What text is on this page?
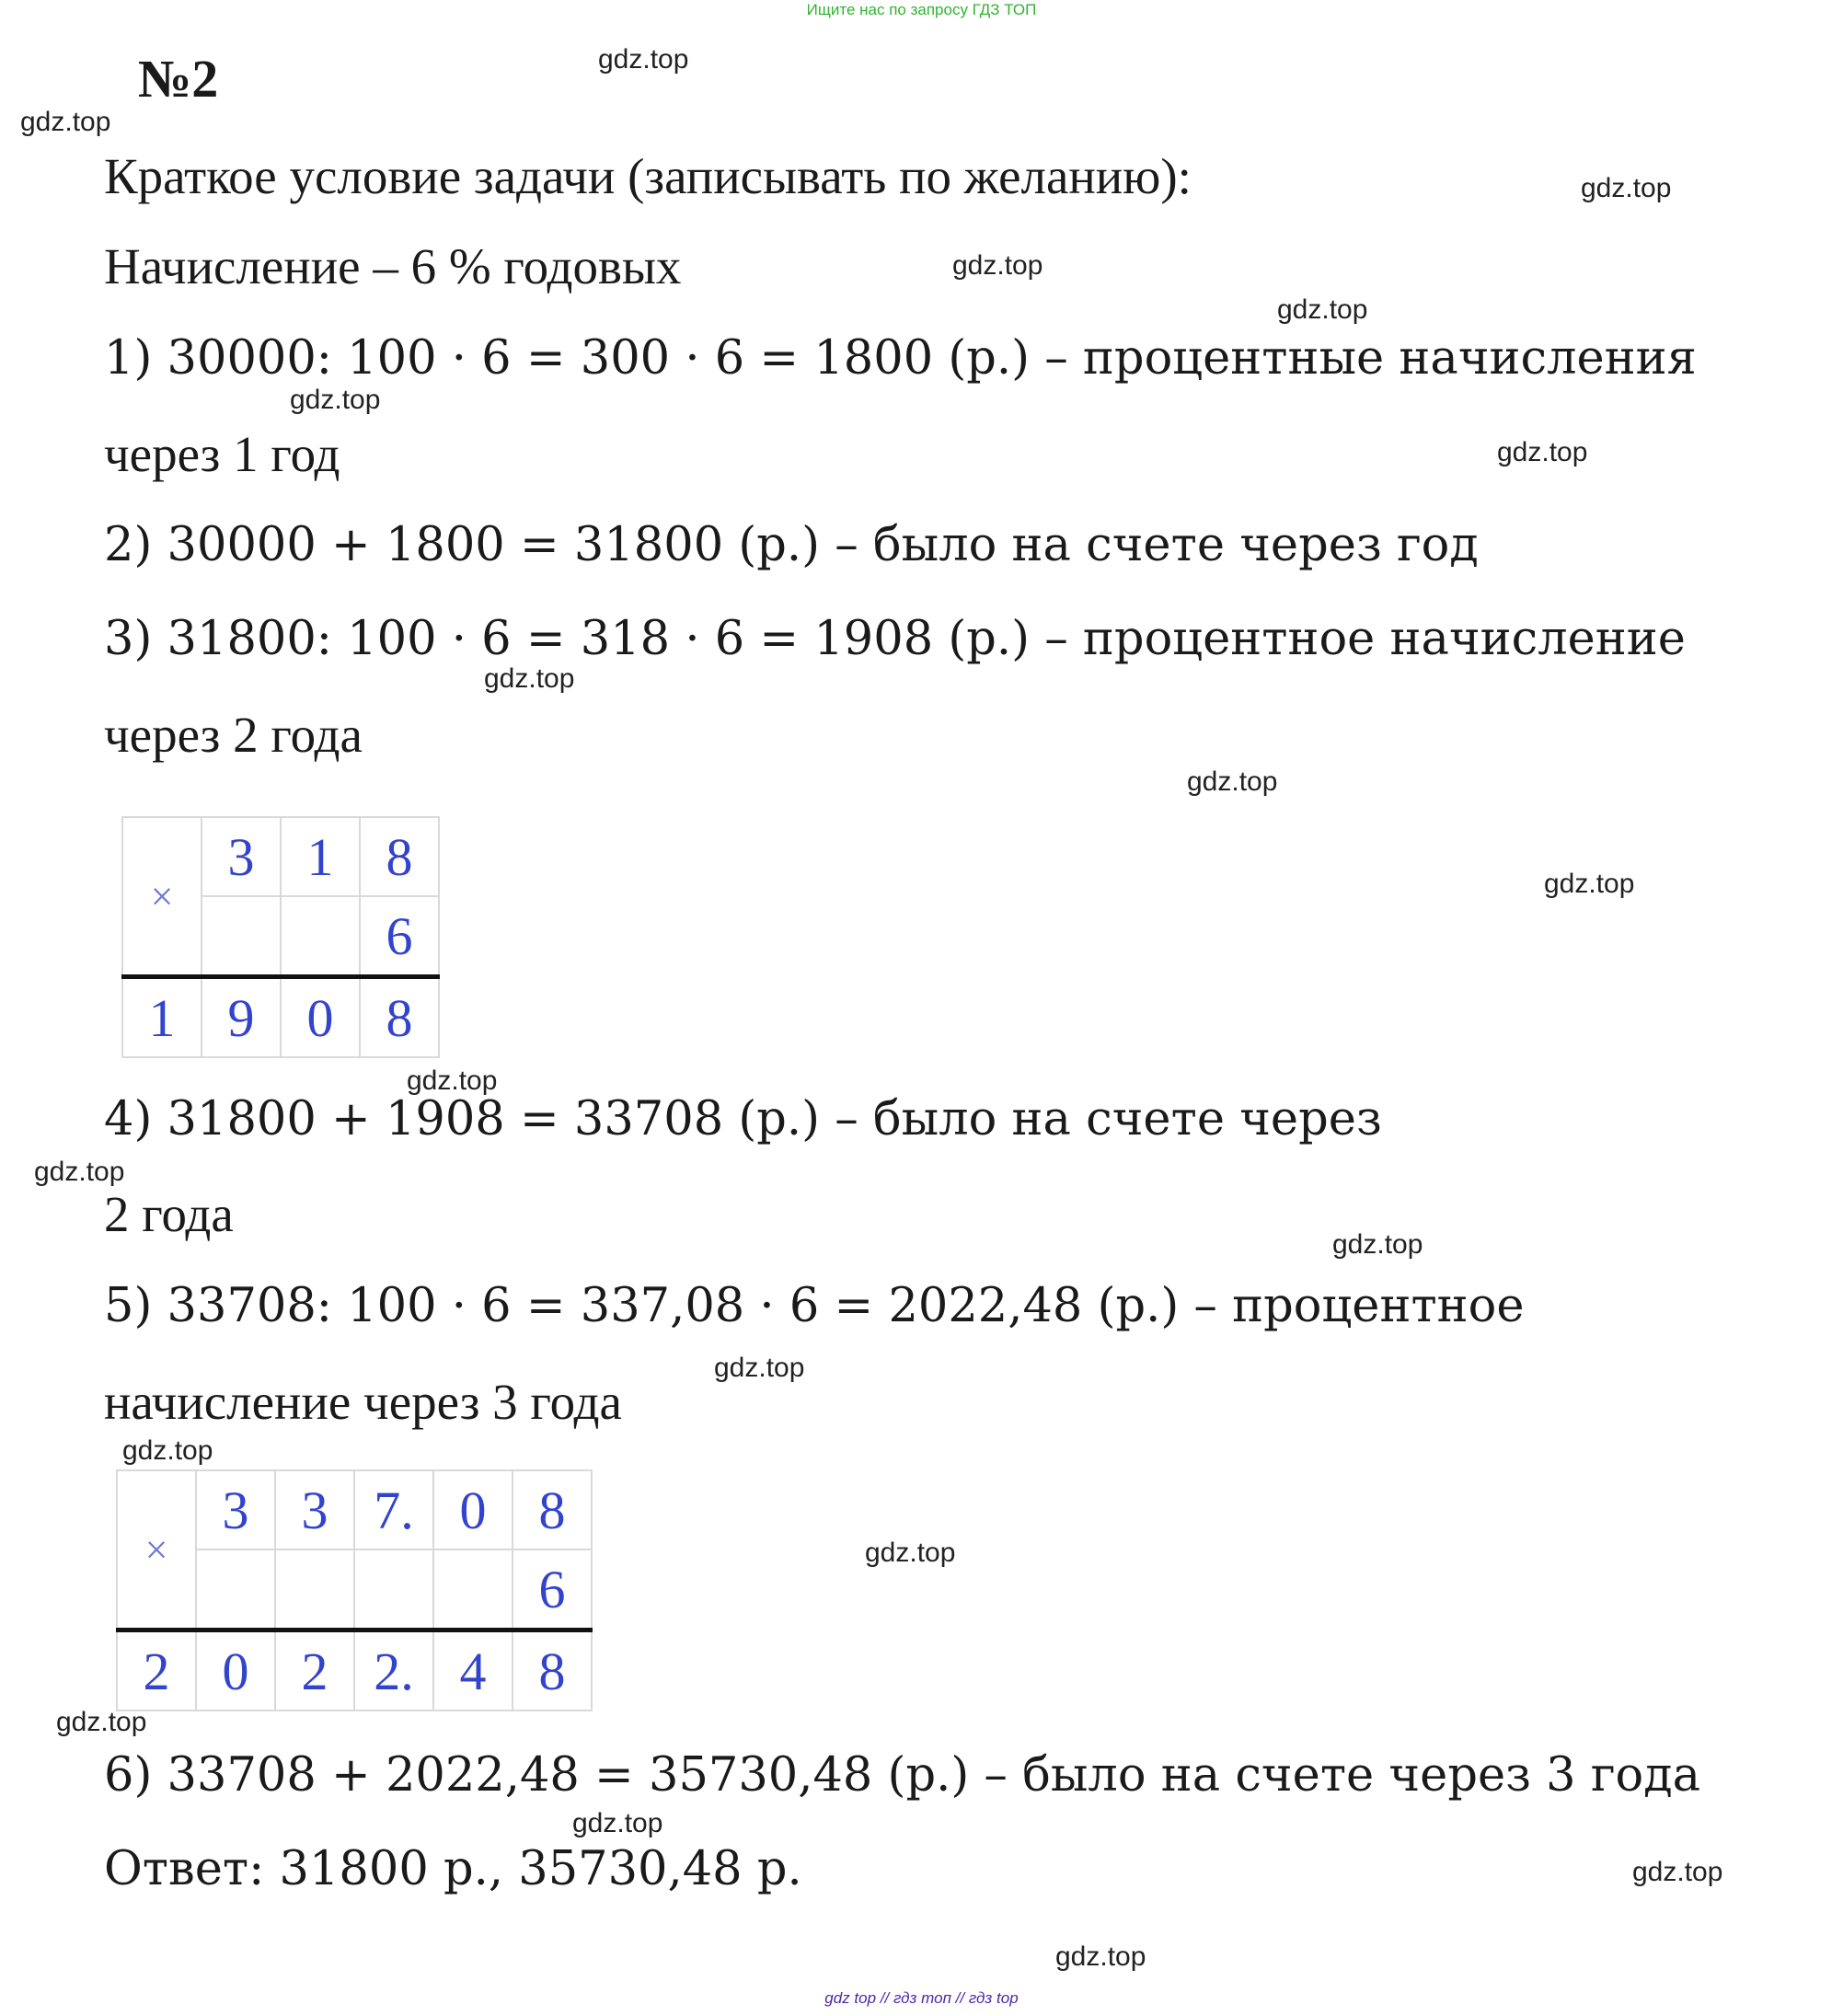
Ищите нас по запросу ГДЗ ТОП
№2
Краткое условие задачи (записывать по желанию):
Начисление – 6 % годовых
1) 30000: 100 · 6 = 300 · 6 = 1800 (р.) – процентные начисления
через 1 год
2) 30000 + 1800 = 31800 (р.) – было на счете через год
3) 31800: 100 · 6 = 318 · 6 = 1908 (р.) – процентное начисление
через 2 года
×	3	1	8
			6
1	9	0	8
4) 31800 + 1908 = 33708 (р.) – было на счете через
2 года
5) 33708: 100 · 6 = 337,08 · 6 = 2022,48 (р.) – процентное
начисление через 3 года
×	3	3	7.	0	8
					6
2	0	2	2.	4	8
6) 33708 + 2022,48 = 35730,48 (р.) – было на счете через 3 года
Ответ: 31800 р., 35730,48 р.
gdz.top
gdz.top
gdz.top
gdz.top
gdz.top
gdz.top
gdz.top
gdz.top
gdz.top
gdz.top
gdz.top
gdz.top
gdz.top
gdz.top
gdz.top
gdz.top
gdz.top
gdz.top
gdz.top
gdz.top
gdz top // гдз топ // гдз top
